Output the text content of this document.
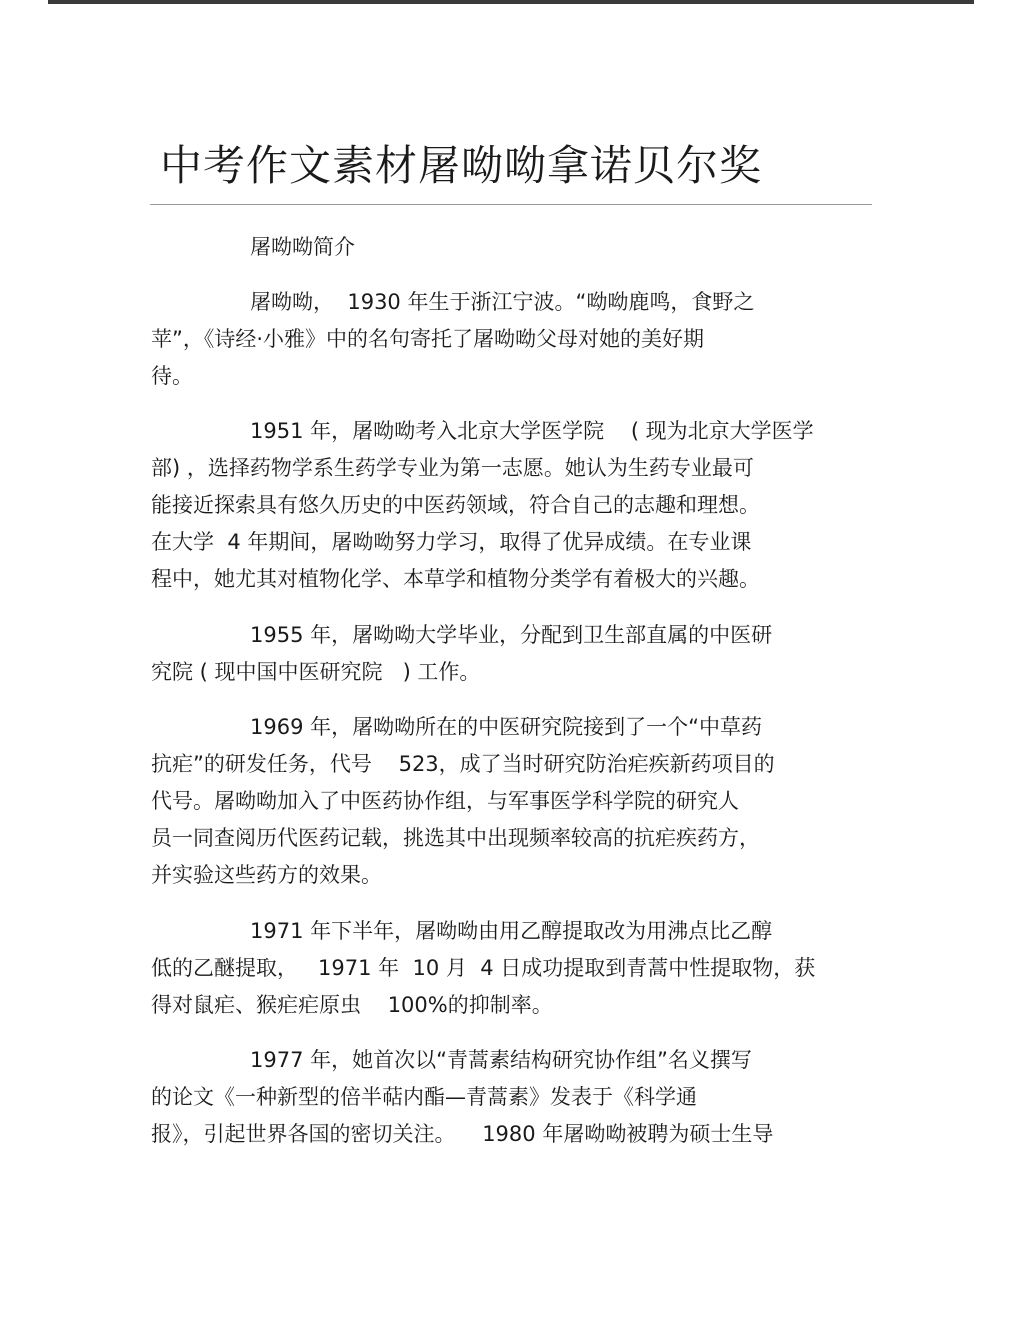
中考作文素材屠呦呦拿诺贝尔奖

屠呦呦简介

屠呦呦，  1930 年生于浙江宁波。“呦呦鹿鸣，食野之

苹”，《诗经·小雅》中的名句寄托了屠呦呦父母对她的美好期

待。

1951 年，屠呦呦考入北京大学医学院    ( 现为北京大学医学

部) ，选择药物学系生药学专业为第一志愿。她认为生药专业最可

能接近探索具有悠久历史的中医药领域，符合自己的志趣和理想。

在大学  4 年期间，屠呦呦努力学习，取得了优异成绩。在专业课

程中，她尤其对植物化学、本草学和植物分类学有着极大的兴趣。

1955 年，屠呦呦大学毕业，分配到卫生部直属的中医研

究院 ( 现中国中医研究院   ) 工作。

1969 年，屠呦呦所在的中医研究院接到了一个“中草药

抗疟”的研发任务，代号    523，成了当时研究防治疟疾新药项目的

代号。屠呦呦加入了中医药协作组，与军事医学科学院的研究人

员一同查阅历代医药记载，挑选其中出现频率较高的抗疟疾药方，

并实验这些药方的效果。

1971 年下半年，屠呦呦由用乙醇提取改为用沸点比乙醇

低的乙醚提取，   1971 年  10 月  4 日成功提取到青蒿中性提取物，获

得对鼠疟、猴疟疟原虫    100%的抑制率。

1977 年，她首次以“青蒿素结构研究协作组”名义撰写

的论文《一种新型的倍半萜内酯—青蒿素》发表于《科学通

报》，引起世界各国的密切关注。    1980 年屠呦呦被聘为硕士生导
